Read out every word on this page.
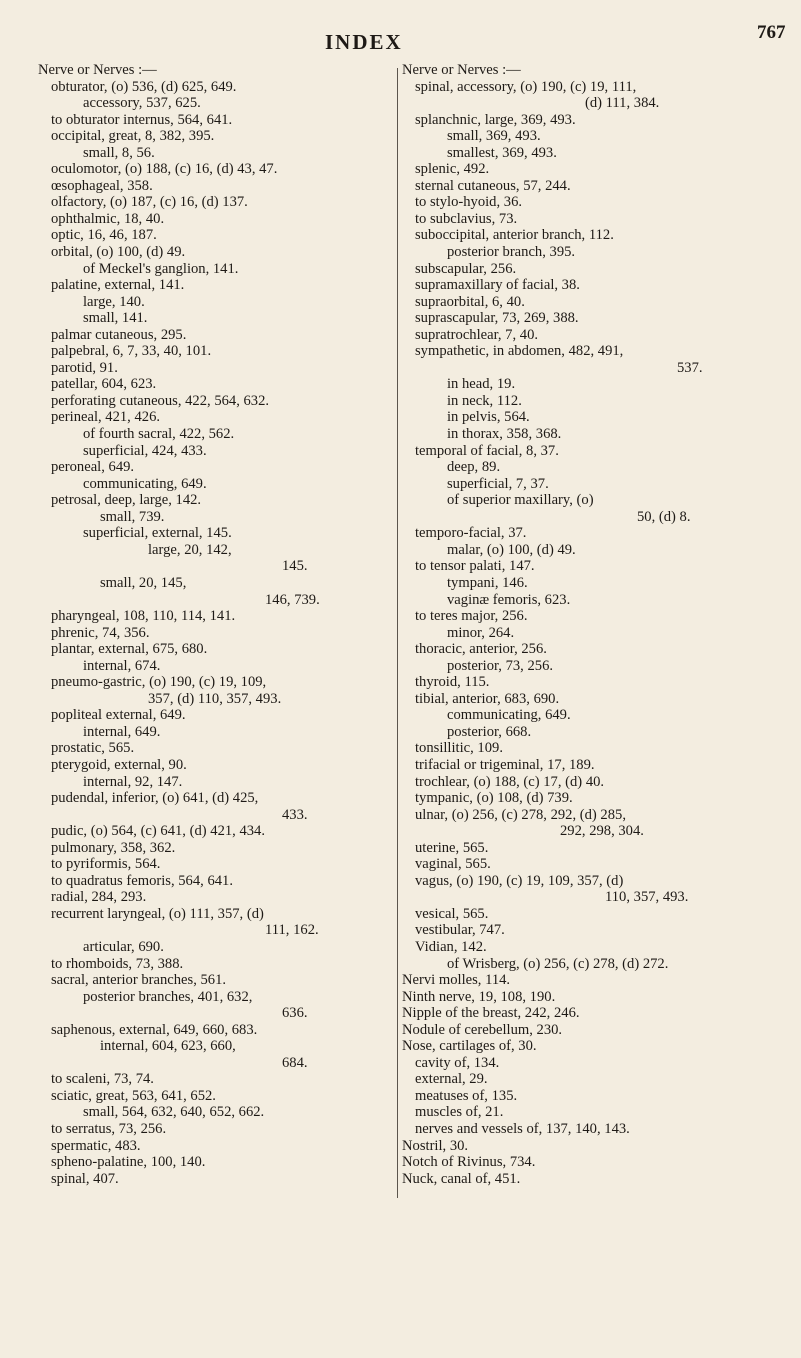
INDEX	767
Nerve or Nerves :—
obturator, (o) 536, (d) 625, 649.
accessory, 537, 625.
to obturator internus, 564, 641.
occipital, great, 8, 382, 395.
small, 8, 56.
oculomotor, (o) 188, (c) 16, (d) 43, 47.
œsophageal, 358.
olfactory, (o) 187, (c) 16, (d) 137.
ophthalmic, 18, 40.
optic, 16, 46, 187.
orbital, (o) 100, (d) 49.
of Meckel's ganglion, 141.
palatine, external, 141.
large, 140.
small, 141.
palmar cutaneous, 295.
palpebral, 6, 7, 33, 40, 101.
parotid, 91.
patellar, 604, 623.
perforating cutaneous, 422, 564, 632.
perineal, 421, 426.
of fourth sacral, 422, 562.
superficial, 424, 433.
peroneal, 649.
communicating, 649.
petrosal, deep, large, 142.
small, 739.
superficial, external, 145.
large, 20, 142,
145.
small, 20, 145,
146, 739.
pharyngeal, 108, 110, 114, 141.
phrenic, 74, 356.
plantar, external, 675, 680.
internal, 674.
pneumo-gastric, (o) 190, (c) 19, 109,
357, (d) 110, 357, 493.
popliteal external, 649.
internal, 649.
prostatic, 565.
pterygoid, external, 90.
internal, 92, 147.
pudendal, inferior, (o) 641, (d) 425,
433.
pudic, (o) 564, (c) 641, (d) 421, 434.
pulmonary, 358, 362.
to pyriformis, 564.
to quadratus femoris, 564, 641.
radial, 284, 293.
recurrent laryngeal, (o) 111, 357, (d)
111, 162.
articular, 690.
to rhomboids, 73, 388.
sacral, anterior branches, 561.
posterior branches, 401, 632,
636.
saphenous, external, 649, 660, 683.
internal, 604, 623, 660,
684.
to scaleni, 73, 74.
sciatic, great, 563, 641, 652.
small, 564, 632, 640, 652, 662.
to serratus, 73, 256.
spermatic, 483.
spheno-palatine, 100, 140.
spinal, 407.
Nerve or Nerves :—
spinal, accessory, (o) 190, (c) 19, 111,
(d) 111, 384.
splanchnic, large, 369, 493.
small, 369, 493.
smallest, 369, 493.
splenic, 492.
sternal cutaneous, 57, 244.
to stylo-hyoid, 36.
to subclavius, 73.
suboccipital, anterior branch, 112.
posterior branch, 395.
subscapular, 256.
supramaxillary of facial, 38.
supraorbital, 6, 40.
suprascapular, 73, 269, 388.
supratrochlear, 7, 40.
sympathetic, in abdomen, 482, 491,
537.
in head, 19.
in neck, 112.
in pelvis, 564.
in thorax, 358, 368.
temporal of facial, 8, 37.
deep, 89.
superficial, 7, 37.
of superior maxillary, (o)
50, (d) 8.
temporo-facial, 37.
malar, (o) 100, (d) 49.
to tensor palati, 147.
tympani, 146.
vaginæ femoris, 623.
to teres major, 256.
minor, 264.
thoracic, anterior, 256.
posterior, 73, 256.
thyroid, 115.
tibial, anterior, 683, 690.
communicating, 649.
posterior, 668.
tonsillitic, 109.
trifacial or trigeminal, 17, 189.
trochlear, (o) 188, (c) 17, (d) 40.
tympanic, (o) 108, (d) 739.
ulnar, (o) 256, (c) 278, 292, (d) 285,
292, 298, 304.
uterine, 565.
vaginal, 565.
vagus, (o) 190, (c) 19, 109, 357, (d)
110, 357, 493.
vesical, 565.
vestibular, 747.
Vidian, 142.
of Wrisberg, (o) 256, (c) 278, (d) 272.
Nervi molles, 114.
Ninth nerve, 19, 108, 190.
Nipple of the breast, 242, 246.
Nodule of cerebellum, 230.
Nose, cartilages of, 30.
cavity of, 134.
external, 29.
meatuses of, 135.
muscles of, 21.
nerves and vessels of, 137, 140, 143.
Nostril, 30.
Notch of Rivinus, 734.
Nuck, canal of, 451.
